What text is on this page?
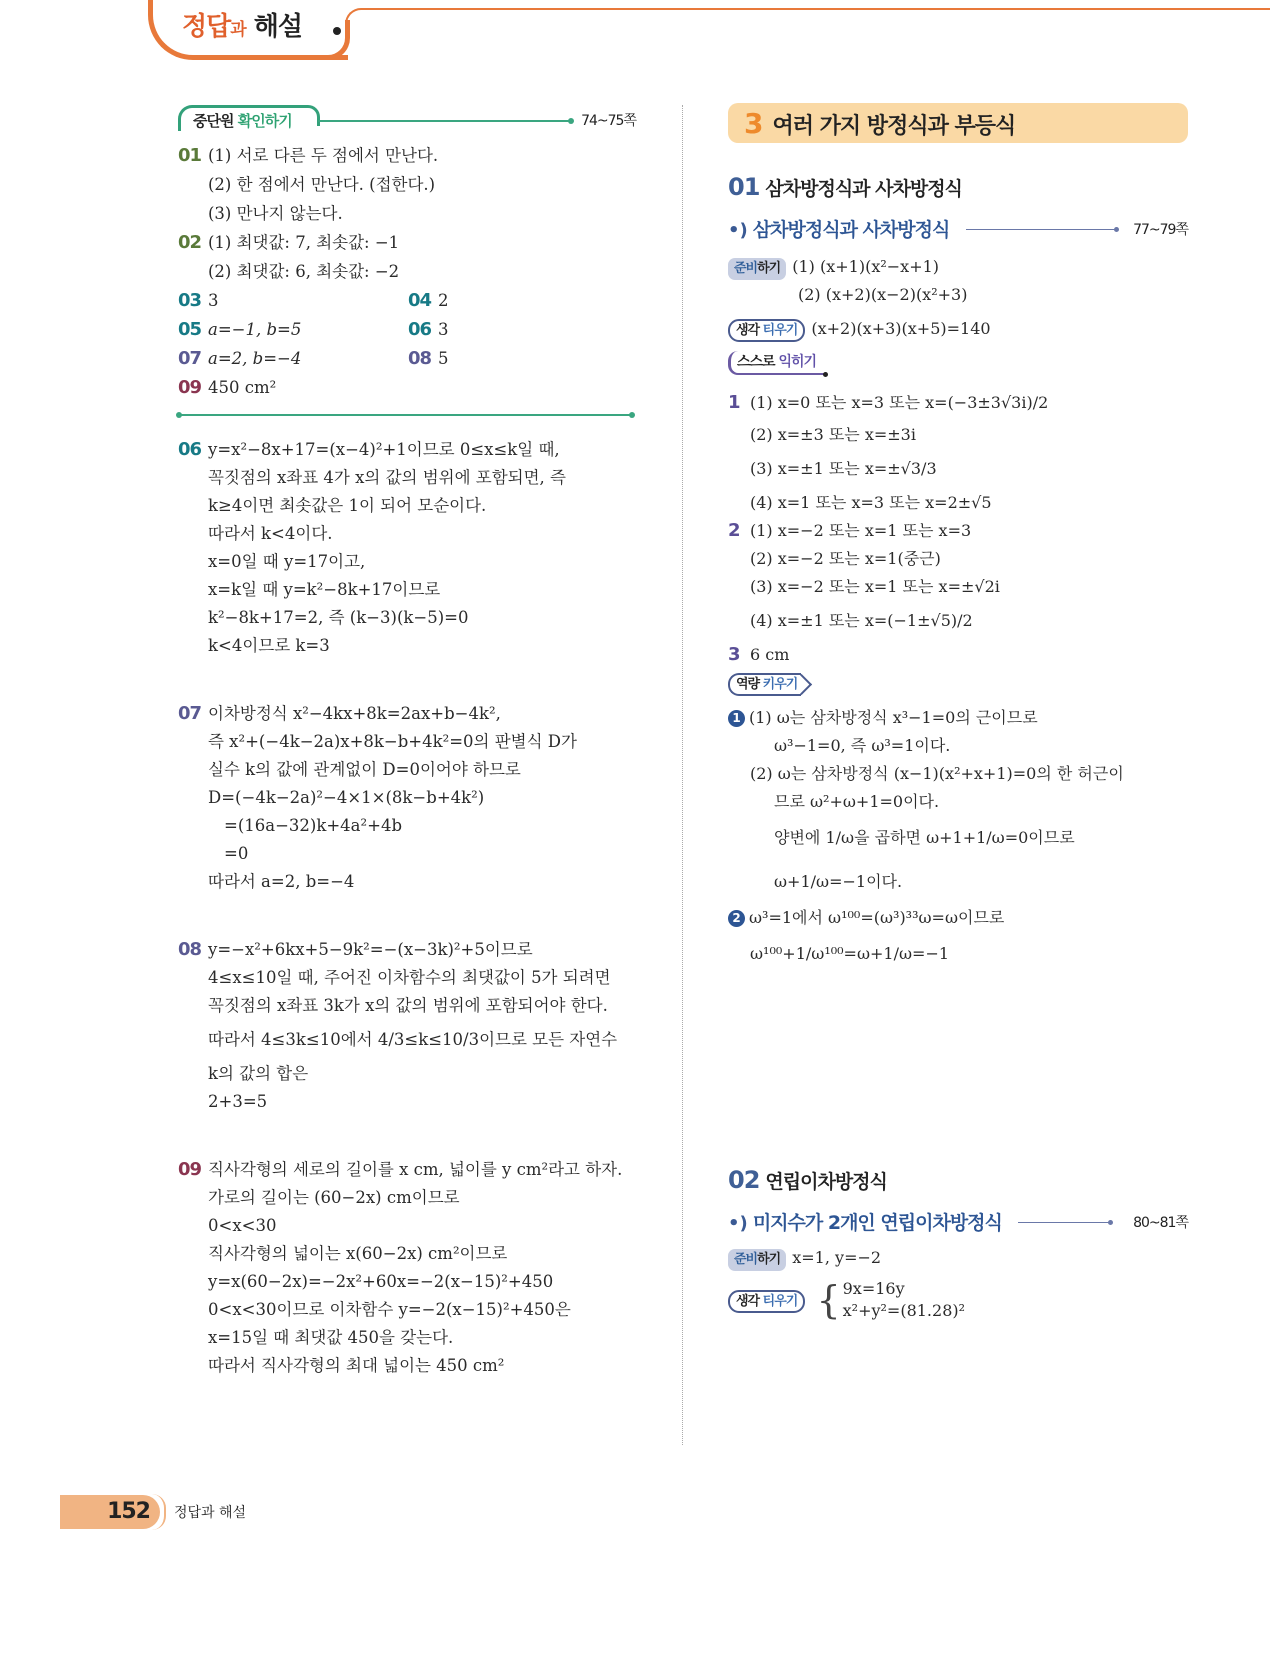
정답과 해설
중단원 확인하기	74~75쪽
01 (1) 서로 다른 두 점에서 만난다.
(2) 한 점에서 만난다. (접한다.)
(3) 만나지 않는다.
02 (1) 최댓값: 7, 최솟값: −1
(2) 최댓값: 6, 최솟값: −2
03 3	04 2
05 a=−1, b=5	06 3
07 a=2, b=−4	08 5
09 450 cm²
06 y=x²−8x+17=(x−4)²+1이므로 0≤x≤k일 때,
꼭짓점의 x좌표 4가 x의 값의 범위에 포함되면, 즉
k≥4이면 최솟값은 1이 되어 모순이다.
따라서 k<4이다.
x=0일 때 y=17이고,
x=k일 때 y=k²−8k+17이므로
k²−8k+17=2, 즉 (k−3)(k−5)=0
k<4이므로 k=3
07 이차방정식 x²−4kx+8k=2ax+b−4k²,
즉 x²+(−4k−2a)x+8k−b+4k²=0의 판별식 D가
실수 k의 값에 관계없이 D=0이어야 하므로
D=(−4k−2a)²−4×1×(8k−b+4k²)
=(16a−32)k+4a²+4b
=0
따라서 a=2, b=−4
08 y=−x²+6kx+5−9k²=−(x−3k)²+5이므로
4≤x≤10일 때, 주어진 이차함수의 최댓값이 5가 되려면
꼭짓점의 x좌표 3k가 x의 값의 범위에 포함되어야 한다.
따라서 4≤3k≤10에서 4/3≤k≤10/3이므로 모든 자연수
k의 값의 합은
2+3=5
09 직사각형의 세로의 길이를 x cm, 넓이를 y cm²라고 하자.
가로의 길이는 (60−2x) cm이므로
0<x<30
직사각형의 넓이는 x(60−2x) cm²이므로
y=x(60−2x)=−2x²+60x=−2(x−15)²+450
0<x<30이므로 이차함수 y=−2(x−15)²+450은
x=15일 때 최댓값 450을 갖는다.
따라서 직사각형의 최대 넓이는 450 cm²
3 여러 가지 방정식과 부등식
01 삼차방정식과 사차방정식
•) 삼차방정식과 사차방정식	77~79쪽
준비하기 (1) (x+1)(x²−x+1)
(2) (x+2)(x−2)(x²+3)
생각 티우기 (x+2)(x+3)(x+5)=140
스스로 익히기
1 (1) x=0 또는 x=3 또는 x=(−3±3√3i)/2
(2) x=±3 또는 x=±3i
(3) x=±1 또는 x=±√3/3
(4) x=1 또는 x=3 또는 x=2±√5
2 (1) x=−2 또는 x=1 또는 x=3
(2) x=−2 또는 x=1(중근)
(3) x=−2 또는 x=1 또는 x=±√2i
(4) x=±1 또는 x=(−1±√5)/2
3 6 cm
역량 키우기
1 (1) ω는 삼차방정식 x³−1=0의 근이므로
ω³−1=0, 즉 ω³=1이다.
(2) ω는 삼차방정식 (x−1)(x²+x+1)=0의 한 허근이
므로 ω²+ω+1=0이다.
양변에 1/ω을 곱하면 ω+1+1/ω=0이므로
ω+1/ω=−1이다.
2 ω³=1에서 ω¹⁰⁰=(ω³)³³ω=ω이므로
ω¹⁰⁰+1/ω¹⁰⁰=ω+1/ω=−1
02 연립이차방정식
•) 미지수가 2개인 연립이차방정식	80~81쪽
준비하기 x=1, y=−2
생각 티우기 { 9x=16y
x²+y²=(81.28)²
152	정답과 해설
